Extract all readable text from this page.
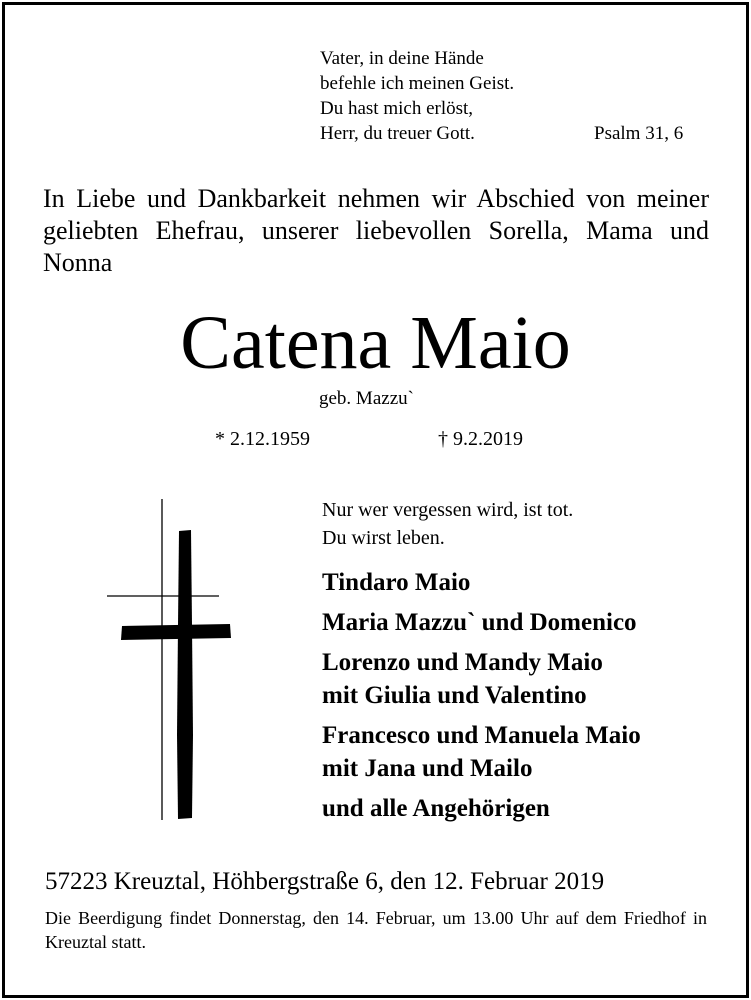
Vater, in deine Hände
befehle ich meinen Geist.
Du hast mich erlöst,
Herr, du treuer Gott.	Psalm 31, 6
In Liebe und Dankbarkeit nehmen wir Abschied von meiner geliebten Ehefrau, unserer liebevollen Sorella, Mama und Nonna
Catena Maio
geb. Mazzu`
* 2.12.1959	† 9.2.2019
Nur wer vergessen wird, ist tot.
Du wirst leben.
Tindaro Maio
Maria Mazzu` und Domenico
Lorenzo und Mandy Maio
mit Giulia und Valentino
Francesco und Manuela Maio
mit Jana und Mailo
und alle Angehörigen
57223 Kreuztal, Höhbergstraße 6, den 12. Februar 2019
Die Beerdigung findet Donnerstag, den 14. Februar, um 13.00 Uhr auf dem Friedhof in Kreuztal statt.
